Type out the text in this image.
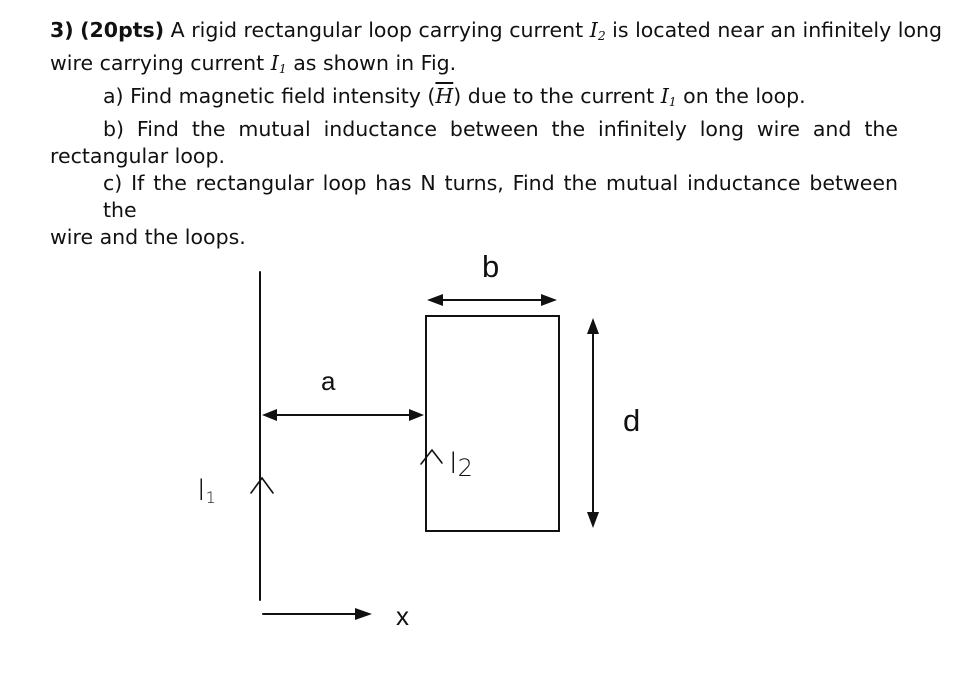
3) (20pts) A rigid rectangular loop carrying current $I_2$ is located near an infinitely long
wire carrying current $I_1$ as shown in Fig.
a) Find magnetic field intensity $(\overline{H})$ due to the current $I_1$ on the loop.
b) Find the mutual inductance between the infinitely long wire and the
rectangular loop.
c) If the rectangular loop has N turns, Find the mutual inductance between the
wire and the loops.
b
a
d
x
I1
I2
